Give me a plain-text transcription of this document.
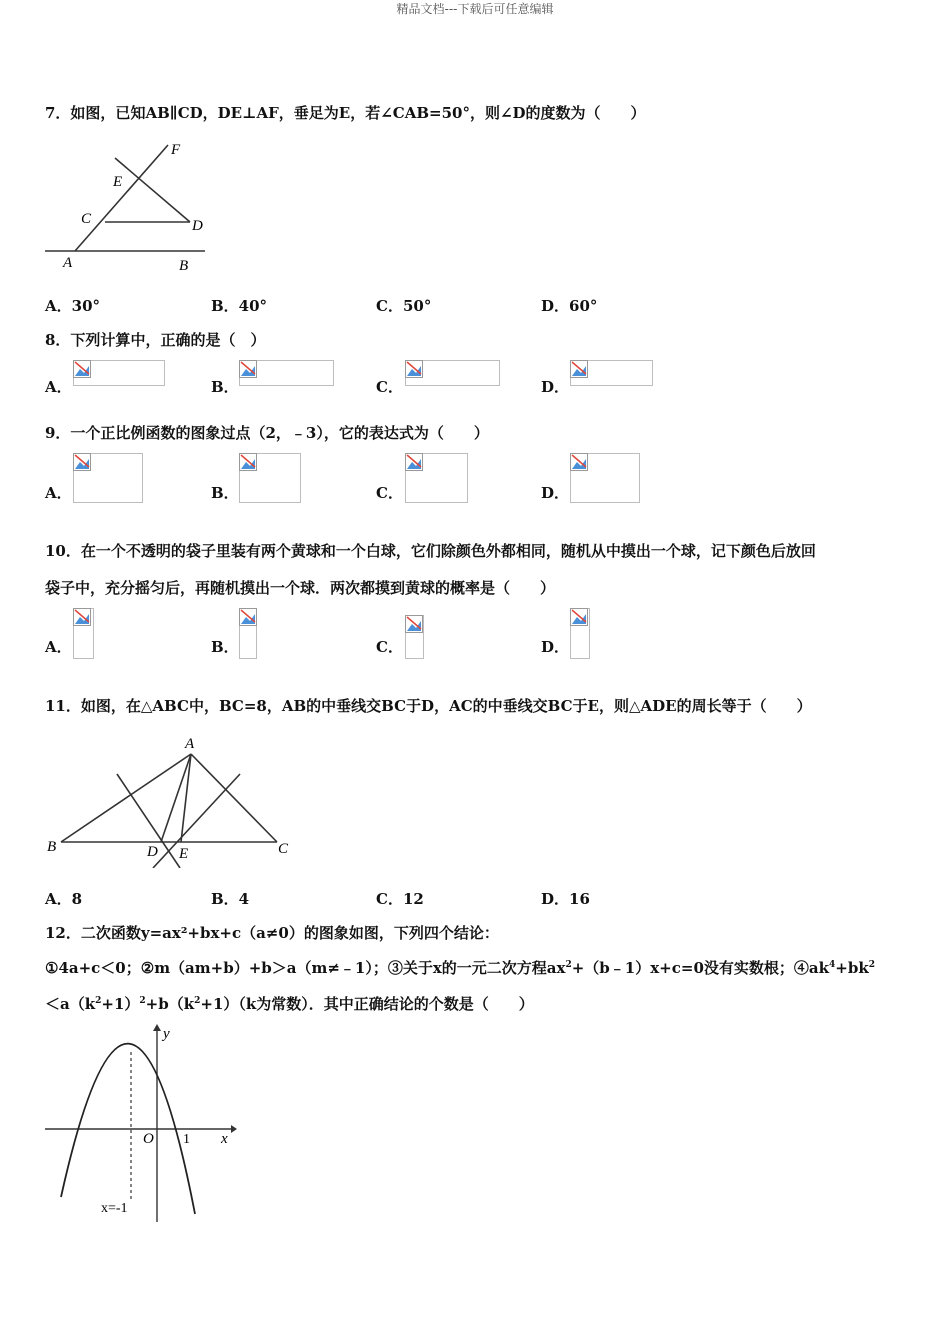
精品文档---下载后可任意编辑
7．如图，已知AB∥CD，DE⊥AF，垂足为E，若∠CAB=50°，则∠D的度数为（　　）
F
E
C	D
A	B
A．30°	B．40°	C．50°	D．60°
8．下列计算中，正确的是（　）
A．	B．	C．	D．
9．一个正比例函数的图象过点（2，﹣3），它的表达式为（　　）
A．	B．	C．	D．
10．在一个不透明的袋子里装有两个黄球和一个白球，它们除颜色外都相同，随机从中摸出一个球，记下颜色后放回
袋子中，充分摇匀后，再随机摸出一个球．两次都摸到黄球的概率是（　　）
A．	B．	C．	D．
11．如图，在△ABC中，BC=8，AB的中垂线交BC于D，AC的中垂线交BC于E，则△ADE的周长等于（　　）
A
B	D E	C
A．8	B．4	C．12	D．16
12．二次函数y=ax²+bx+c（a≠0）的图象如图，下列四个结论：
①4a+c＜0；②m（am+b）+b＞a（m≠﹣1）；③关于x的一元二次方程$ax^2+(b﹣1)x+c=0$没有实数根；$④ak^4+bk^2$
$<a(k^2+1)^2+b(k^2+1)(k$为常数）．其中正确结论的个数是（　　）
y
O 1 x
x=-1
